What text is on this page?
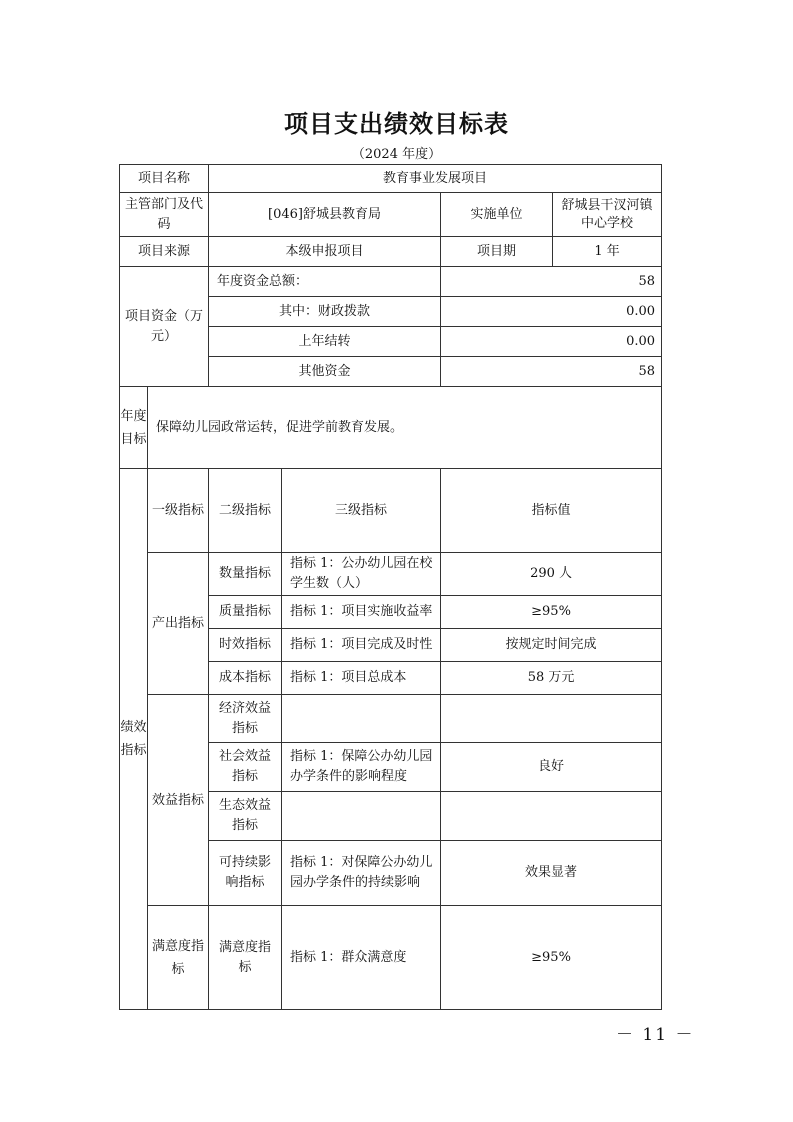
项目支出绩效目标表
（2024 年度）
项目名称		教育事业发展项目			
主管部门及代码		[046]舒城县教育局		实施单位	舒城县干汊河镇中心学校
项目来源		本级申报项目		项目期	1 年
项目资金（万元）		年度资金总额：		58	
		其中：财政拨款		0.00	
		上年结转		0.00	
		其他资金		58	
年度目标	保障幼儿园政常运转，促进学前教育发展。				
绩效指标	一级指标	二级指标	三级指标	指标值	
	产出指标	数量指标	指标 1：公办幼儿园在校学生数（人）	290 人	
		质量指标	指标 1：项目实施收益率	≥95%	
		时效指标	指标 1：项目完成及时性	按规定时间完成	
		成本指标	指标 1：项目总成本	58 万元	
	效益指标	经济效益指标			
		社会效益指标	指标 1：保障公办幼儿园办学条件的影响程度	良好	
		生态效益指标			
		可持续影响指标	指标 1：对保障公办幼儿园办学条件的持续影响	效果显著	
	满意度指标	满意度指标	指标 1：群众满意度	≥95%	
－ 11 －
